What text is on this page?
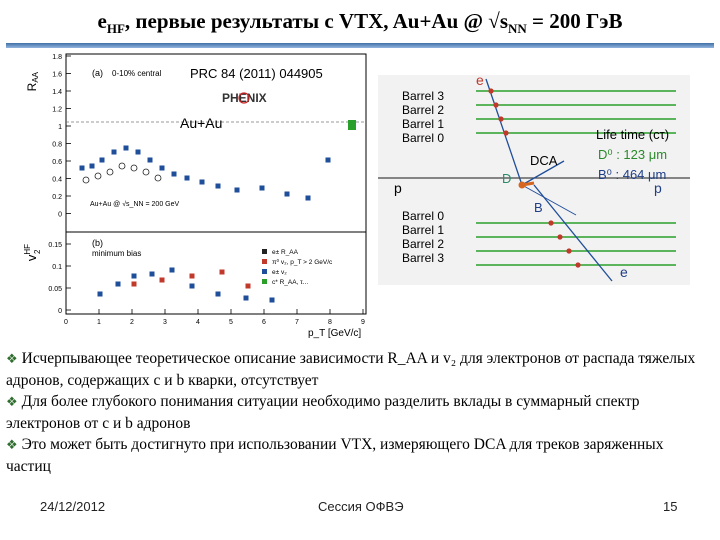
$e_{HF}$, первые результаты с VTX, Au+Au @ $√s_{NN} = 200$ ГэВ
RAA
$v^{HF}2$
1.8
1.6
1.4
1.2
1
0.8
0.6
0.4
0.2
0
0.15
0.1
0.05
0
0	1	2	3	4	5	6	7	8	9
PRC 84 (2011) 044905
PHENIX
Au+Au
(a) 0-10% central
(b)
minimum bias
Au+Au @ √s_NN = 200 GeV
e± R_AA
π⁰ v₂, p_T > 2 GeV/c
e± v₂
c* R_AA, τ...
p_T [GeV/c]
Barrel 3
Barrel 2
Barrel 1
Barrel 0
Barrel 0
Barrel 1
Barrel 2
Barrel 3
p	p
e
e
D
B
DCA
Life time (cτ)
D⁰ : 123 μm
B⁰ : 464 μm

❖ Исчерпывающее теоретическое описание зависимости R_AA и v₂ для электронов от распада тяжелых адронов, содержащих c и b кварки, отсутствует

❖ Для более глубокого понимания ситуации необходимо разделить вклады в суммарный спектр электронов от c и b адронов

❖ Это может быть достигнуто при использовании VTX, измеряющего DCA для треков заряженных частиц

24/12/2012	Сессия ОФВЭ	15
